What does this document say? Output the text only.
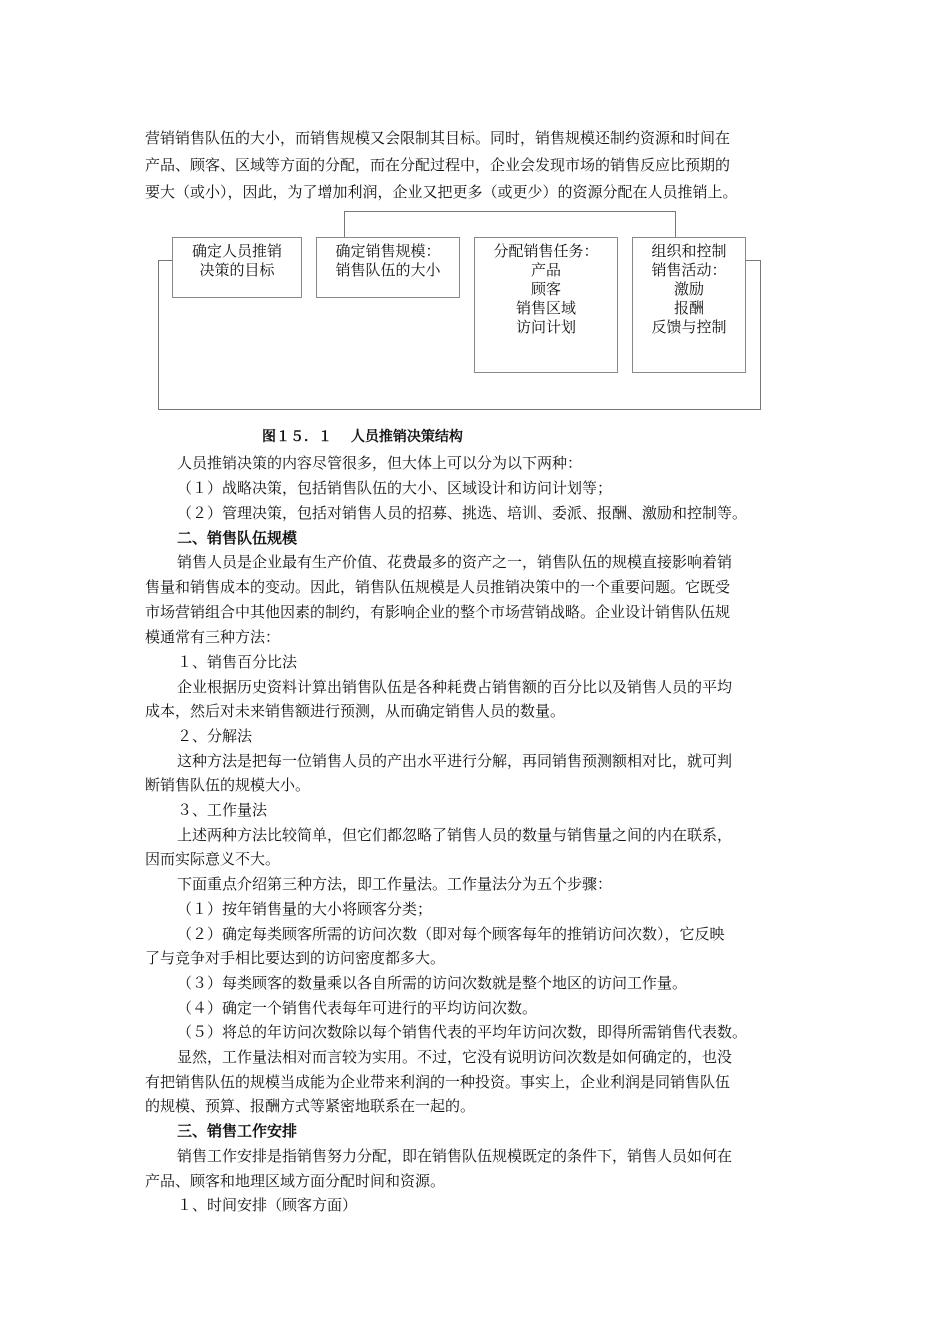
营销销售队伍的大小，而销售规模又会限制其目标。同时，销售规模还制约资源和时间在
产品、顾客、区域等方面的分配，而在分配过程中，企业会发现市场的销售反应比预期的
要大（或小），因此，为了增加利润，企业又把更多（或更少）的资源分配在人员推销上。
确定人员推销
决策的目标
确定销售规模：
销售队伍的大小
分配销售任务：
产品
顾客
销售区域
访问计划
组织和控制
销售活动：
激励
报酬
反馈与控制
图１５．１　 人员推销决策结构
人员推销决策的内容尽管很多，但大体上可以分为以下两种：
（１）战略决策，包括销售队伍的大小、区域设计和访问计划等；
（２）管理决策，包括对销售人员的招募、挑选、培训、委派、报酬、激励和控制等。
二、销售队伍规模
销售人员是企业最有生产价值、花费最多的资产之一，销售队伍的规模直接影响着销
售量和销售成本的变动。因此，销售队伍规模是人员推销决策中的一个重要问题。它既受
市场营销组合中其他因素的制约，有影响企业的整个市场营销战略。企业设计销售队伍规
模通常有三种方法：
１、销售百分比法
企业根据历史资料计算出销售队伍是各种耗费占销售额的百分比以及销售人员的平均
成本，然后对未来销售额进行预测，从而确定销售人员的数量。
２、分解法
这种方法是把每一位销售人员的产出水平进行分解，再同销售预测额相对比，就可判
断销售队伍的规模大小。
３、工作量法
上述两种方法比较简单，但它们都忽略了销售人员的数量与销售量之间的内在联系，
因而实际意义不大。
下面重点介绍第三种方法，即工作量法。工作量法分为五个步骤：
（１）按年销售量的大小将顾客分类；
（２）确定每类顾客所需的访问次数（即对每个顾客每年的推销访问次数），它反映
了与竞争对手相比要达到的访问密度都多大。
（３）每类顾客的数量乘以各自所需的访问次数就是整个地区的访问工作量。
（４）确定一个销售代表每年可进行的平均访问次数。
（５）将总的年访问次数除以每个销售代表的平均年访问次数，即得所需销售代表数。
显然，工作量法相对而言较为实用。不过，它没有说明访问次数是如何确定的，也没
有把销售队伍的规模当成能为企业带来利润的一种投资。事实上，企业利润是同销售队伍
的规模、预算、报酬方式等紧密地联系在一起的。
三、销售工作安排
销售工作安排是指销售努力分配，即在销售队伍规模既定的条件下，销售人员如何在
产品、顾客和地理区域方面分配时间和资源。
１、时间安排（顾客方面）
